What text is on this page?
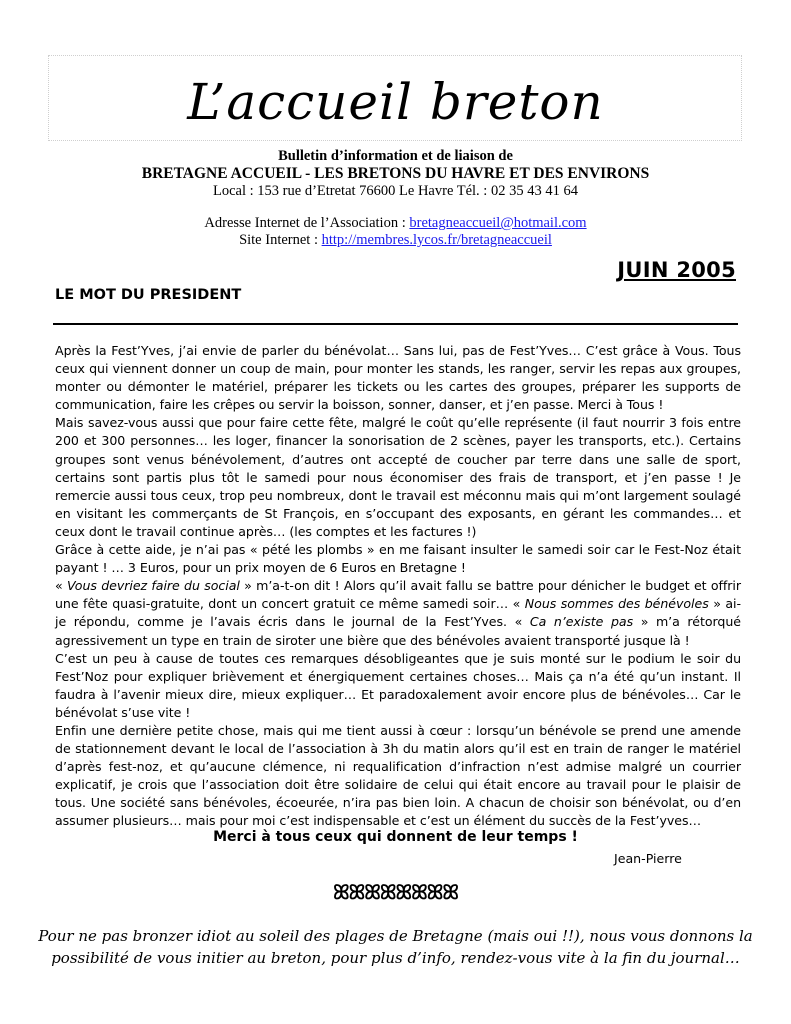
L’accueil breton
Bulletin d’information et de liaison de
BRETAGNE ACCUEIL - LES BRETONS DU HAVRE ET DES ENVIRONS
Local : 153 rue d’Etretat 76600 Le Havre Tél. : 02 35 43 41 64
Adresse Internet de l’Association : bretagneaccueil@hotmail.com
Site Internet : http://membres.lycos.fr/bretagneaccueil
JUIN 2005
LE MOT DU PRESIDENT

Après la Fest’Yves, j’ai envie de parler du bénévolat… Sans lui, pas de Fest’Yves… C’est grâce à Vous. Tous ceux qui viennent donner un coup de main, pour monter les stands, les ranger, servir les repas aux groupes, monter ou démonter le matériel, préparer les tickets ou les cartes des groupes, préparer les supports de communication, faire les crêpes ou servir la boisson, sonner, danser, et j’en passe. Merci à Tous !

Mais savez-vous aussi que pour faire cette fête, malgré le coût qu’elle représente (il faut nourrir 3 fois entre 200 et 300 personnes… les loger, financer la sonorisation de 2 scènes, payer les transports, etc.). Certains groupes sont venus bénévolement, d’autres ont accepté de coucher par terre dans une salle de sport, certains sont partis plus tôt le samedi pour nous économiser des frais de transport, et j’en passe ! Je remercie aussi tous ceux, trop peu nombreux, dont le travail est méconnu mais qui m’ont largement soulagé en visitant les commerçants de St François, en s’occupant des exposants, en gérant les commandes… et ceux dont le travail continue après… (les comptes et les factures !)

Grâce à cette aide, je n’ai pas « pété les plombs » en me faisant insulter le samedi soir car le Fest-Noz était payant ! … 3 Euros, pour un prix moyen de 6 Euros en Bretagne !

« Vous devriez faire du social » m’a-t-on dit ! Alors qu’il avait fallu se battre pour dénicher le budget et offrir une fête quasi-gratuite, dont un concert gratuit ce même samedi soir… « Nous sommes des bénévoles » ai-je répondu, comme je l’avais écris dans le journal de la Fest’Yves. « Ca n’existe pas » m’a rétorqué agressivement un type en train de siroter une bière que des bénévoles avaient transporté jusque là !

C’est un peu à cause de toutes ces remarques désobligeantes que je suis monté sur le podium le soir du Fest’Noz pour expliquer brièvement et énergiquement certaines choses… Mais ça n’a été qu’un instant. Il faudra à l’avenir mieux dire, mieux expliquer… Et paradoxalement avoir encore plus de bénévoles… Car le bénévolat s’use vite !

Enfin une dernière petite chose, mais qui me tient aussi à cœur : lorsqu’un bénévole se prend une amende de stationnement devant le local de l’association à 3h du matin alors qu’il est en train de ranger le matériel d’après fest-noz, et qu’aucune clémence, ni requalification d’infraction n’est admise malgré un courrier explicatif, je crois que l’association doit être solidaire de celui qui était encore au travail pour le plaisir de tous. Une société sans bénévoles, écoeurée, n’ira pas bien loin. A chacun de choisir son bénévolat, ou d’en assumer plusieurs… mais pour moi c’est indispensable et c’est un élément du succès de la Fest’yves…

Merci à tous ceux qui donnent de leur temps !
Jean-Pierre
ꕤꕤꕤꕤꕤꕤꕤꕤ
Pour ne pas bronzer idiot au soleil des plages de Bretagne (mais oui !!), nous vous donnons la possibilité de vous initier au breton, pour plus d’info, rendez-vous vite à la fin du journal…
